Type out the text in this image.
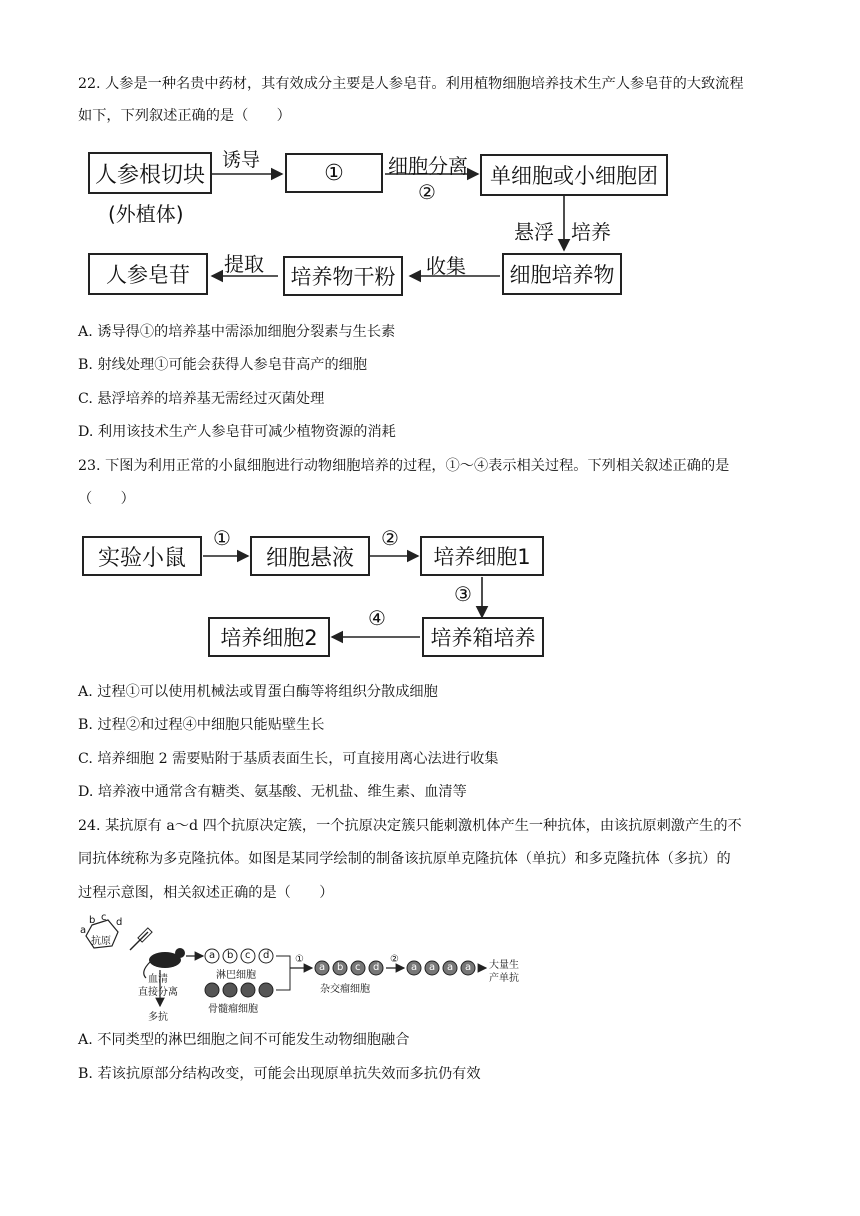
22. 人参是一种名贵中药材，其有效成分主要是人参皂苷。利用植物细胞培养技术生产人参皂苷的大致流程
如下，下列叙述正确的是（　　）
人参根切块
(外植体)
诱导
①	细胞分离
②
单细胞或小细胞团
悬浮 培养
细胞培养物
收集
培养物干粉
提取
人参皂苷
A. 诱导得①的培养基中需添加细胞分裂素与生长素
B. 射线处理①可能会获得人参皂苷高产的细胞
C. 悬浮培养的培养基无需经过灭菌处理
D. 利用该技术生产人参皂苷可减少植物资源的消耗
23. 下图为利用正常的小鼠细胞进行动物细胞培养的过程，①～④表示相关过程。下列相关叙述正确的是
（　　）
实验小鼠
①
细胞悬液
②
培养细胞1
③
培养箱培养
④
培养细胞2
A. 过程①可以使用机械法或胃蛋白酶等将组织分散成细胞
B. 过程②和过程④中细胞只能贴壁生长
C. 培养细胞 2 需要贴附于基质表面生长，可直接用离心法进行收集
D. 培养液中通常含有糖类、氨基酸、无机盐、维生素、血清等
24. 某抗原有 a～d 四个抗原决定簇，一个抗原决定簇只能刺激机体产生一种抗体，由该抗原刺激产生的不
同抗体统称为多克隆抗体。如图是某同学绘制的制备该抗原单克隆抗体（单抗）和多克隆抗体（多抗）的
过程示意图，相关叙述正确的是（　　）
a
b c d
抗原
血清
直接分离
多抗
a b c d
淋巴细胞
骨髓瘤细胞
①
a b c d
杂交瘤细胞
②
a a a a 大量生
产单抗
A. 不同类型的淋巴细胞之间不可能发生动物细胞融合
B. 若该抗原部分结构改变，可能会出现原单抗失效而多抗仍有效
